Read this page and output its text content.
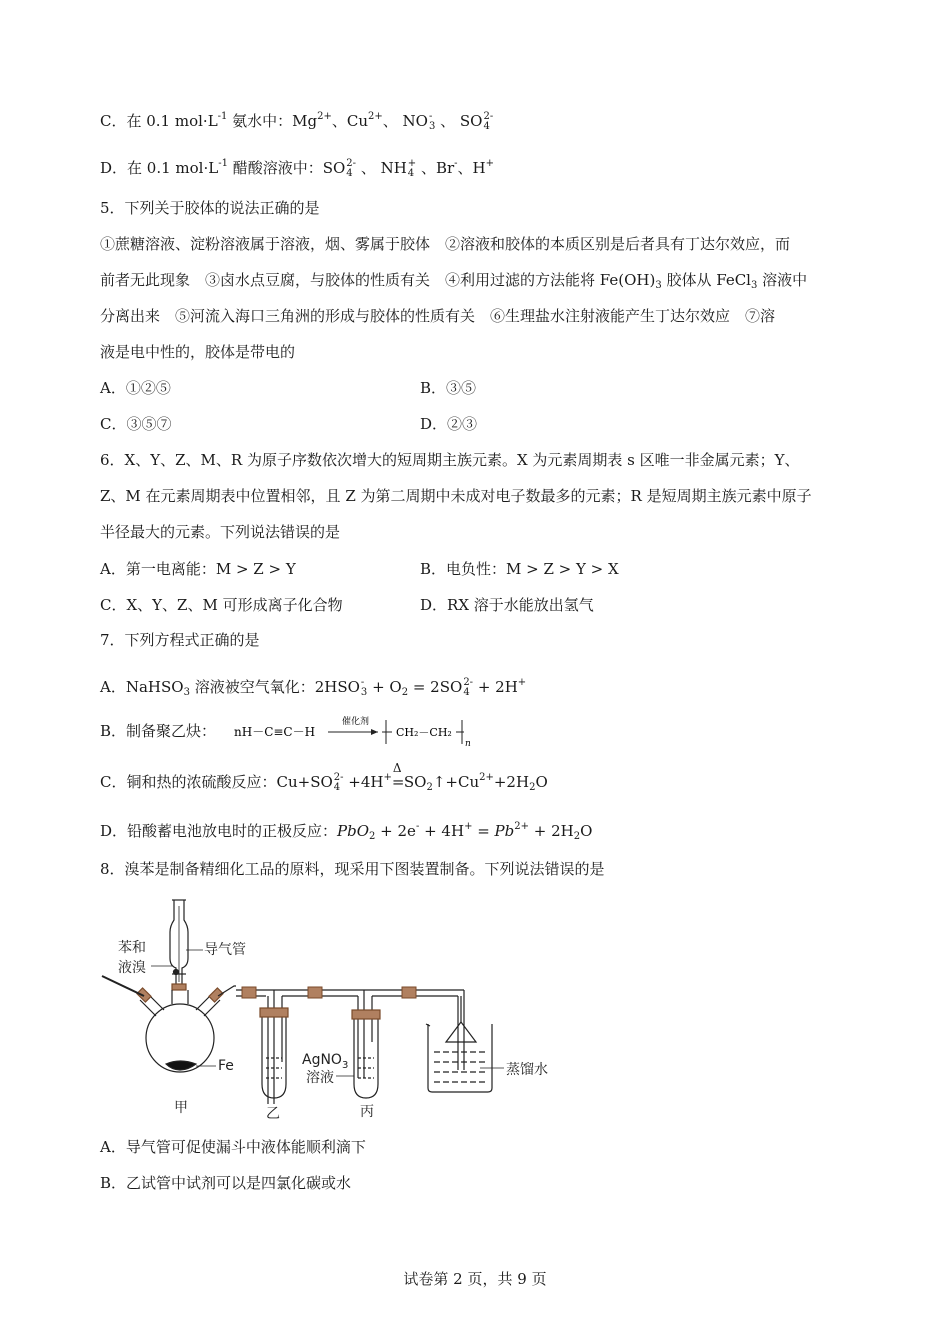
C．在 0.1 $mol\cdot L^{-1}$ 氨水中：$Mg^{2+}$、$Cu^{2+}$、 NO -
3 、 SO 2-
4
D．在 0.1 $mol\cdot L^{-1}$ 醋酸溶液中：SO 2-
4 、 NH +
4 、Br-、H+
5．下列关于胶体的说法正确的是
①蔗糖溶液、淀粉溶液属于溶液，烟、雾属于胶体　②溶液和胶体的本质区别是后者具有丁达尔效应，而
前者无此现象　③卤水点豆腐，与胶体的性质有关　④利用过滤的方法能将 $Fe(OH)_3$ 胶体从 FeCl$_3$ 溶液中
分离出来　⑤河流入海口三角洲的形成与胶体的性质有关　⑥生理盐水注射液能产生丁达尔效应　⑦溶
液是电中性的，胶体是带电的
A．①②⑤	B．③⑤
C．③⑤⑦	D．②③
6．X、Y、Z、M、R 为原子序数依次增大的短周期主族元素。X 为元素周期表 s 区唯一非金属元素；Y、
Z、M 在元素周期表中位置相邻，且 Z 为第二周期中未成对电子数最多的元素；R 是短周期主族元素中原子
半径最大的元素。下列说法错误的是
A．第一电离能：M > Z > Y	B．电负性：M > Z > Y > X
C．X、Y、Z、M 可形成离子化合物	D．RX 溶于水能放出氢气
7．下列方程式正确的是
A．NaHSO$_3$ 溶液被空气氧化：2HSO -
$3 + O_2 = 2SO$ 2-
4 + 2H+
B．制备聚乙炔： nH－C≡C－H
催化剂
CH₂－CH₂
n
C．铜和热的浓硫酸反应：Cu+SO 2-
4 +4H+
Δ
$=SO_2↑+Cu^{2+}+2H_2O$
D．铅酸蓄电池放电时的正极反应：$PbO_2 + 2e^- + 4H^+ = Pb^{2+} + 2H_2O$
8．溴苯是制备精细化工品的原料，现采用下图装置制备。下列说法错误的是
苯和
液溴
导气管
Fe
甲	乙
AgNO$_3$
溶液
丙
蒸馏水
A．导气管可促使漏斗中液体能顺利滴下
B．乙试管中试剂可以是四氯化碳或水
试卷第 2 页，共 9 页
